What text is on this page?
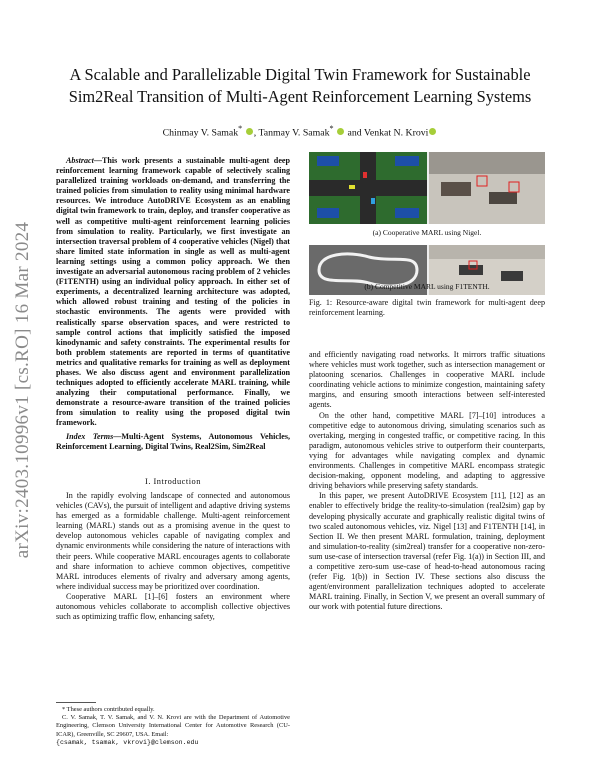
arXiv:2403.10996v1 [cs.RO] 16 Mar 2024
A Scalable and Parallelizable Digital Twin Framework for Sustainable Sim2Real Transition of Multi-Agent Reinforcement Learning Systems
Chinmay V. Samak* , Tanmay V. Samak*  and Venkat N. Krovi
Abstract—This work presents a sustainable multi-agent deep reinforcement learning framework capable of selectively scaling parallelized training workloads on-demand, and transferring the trained policies from simulation to reality using minimal hardware resources. We introduce AutoDRIVE Ecosystem as an enabling digital twin framework to train, deploy, and transfer cooperative as well as competitive multi-agent reinforcement learning policies from simulation to reality. Particularly, we first investigate an intersection traversal problem of 4 cooperative vehicles (Nigel) that share limited state information in single as well as multi-agent learning settings using a common policy approach. We then investigate an adversarial autonomous racing problem of 2 vehicles (F1TENTH) using an individual policy approach. In either set of experiments, a decentralized learning architecture was adopted, which allowed robust training and testing of the policies in stochastic environments. The agents were provided with realistically sparse observation spaces, and were restricted to sample control actions that implicitly satisfied the imposed kinodynamic and safety constraints. The experimental results for both problem statements are reported in terms of quantitative metrics and qualitative remarks for training as well as deployment phases. We also discuss agent and environment parallelization techniques adopted to efficiently accelerate MARL training, while analyzing their computational performance. Finally, we demonstrate a resource-aware transition of the trained policies from simulation to reality using the proposed digital twin framework.
Index Terms—Multi-Agent Systems, Autonomous Vehicles, Reinforcement Learning, Digital Twins, Real2Sim, Sim2Real
I. Introduction

In the rapidly evolving landscape of connected and autonomous vehicles (CAVs), the pursuit of intelligent and adaptive driving systems has emerged as a formidable challenge. Multi-agent reinforcement learning (MARL) stands out as a promising avenue in the quest to develop autonomous vehicles capable of navigating complex and dynamic environments while considering the nature of interactions with their peers. While cooperative MARL encourages agents to collaborate and share information to achieve common objectives, competitive MARL introduces elements of rivalry and adversary among agents, where individual success may be prioritized over coordination.

Cooperative MARL [1]–[6] fosters an environment where autonomous vehicles collaborate to accomplish collective objectives such as optimizing traffic flow, enhancing safety,

* These authors contributed equally.
C. V. Samak, T. V. Samak, and V. N. Krovi are with the Department of Automotive Engineering, Clemson University International Center for Automotive Research (CU-ICAR), Greenville, SC 29607, USA. Email:
{csamak, tsamak, vkrovi}@clemson.edu
(a) Cooperative MARL using Nigel.
(b) Competitive MARL using F1TENTH.
Fig. 1: Resource-aware digital twin framework for multi-agent deep reinforcement learning.

and efficiently navigating road networks. It mirrors traffic situations where vehicles must work together, such as intersection management or platooning scenarios. Challenges in cooperative MARL include coordinating vehicle actions to minimize congestion, maintaining safety margins, and ensuring smooth interactions between self-interested agents.

On the other hand, competitive MARL [7]–[10] introduces a competitive edge to autonomous driving, simulating scenarios such as overtaking, merging in congested traffic, or competitive racing. In this paradigm, autonomous vehicles strive to outperform their counterparts, vying for advantages while navigating complex and dynamic environments. Challenges in competitive MARL encompass strategic decision-making, opponent modeling, and adapting to aggressive driving behaviors while preserving safety standards.

In this paper, we present AutoDRIVE Ecosystem [11], [12] as an enabler to effectively bridge the reality-to-simulation (real2sim) gap by developing physically accurate and graphically realistic digital twins of two scaled autonomous vehicles, viz. Nigel [13] and F1TENTH [14], in Section II. We then present MARL formulation, training, deployment and simulation-to-reality (sim2real) transfer for a cooperative non-zero-sum use-case of intersection traversal (refer Fig. 1(a)) in Section III, and a competitive zero-sum use-case of head-to-head autonomous racing (refer Fig. 1(b)) in Section IV. These sections also discuss the agent/environment parallelization techniques adopted to accelerate MARL training. Finally, in Section V, we present an overall summary of our work with potential future directions.
